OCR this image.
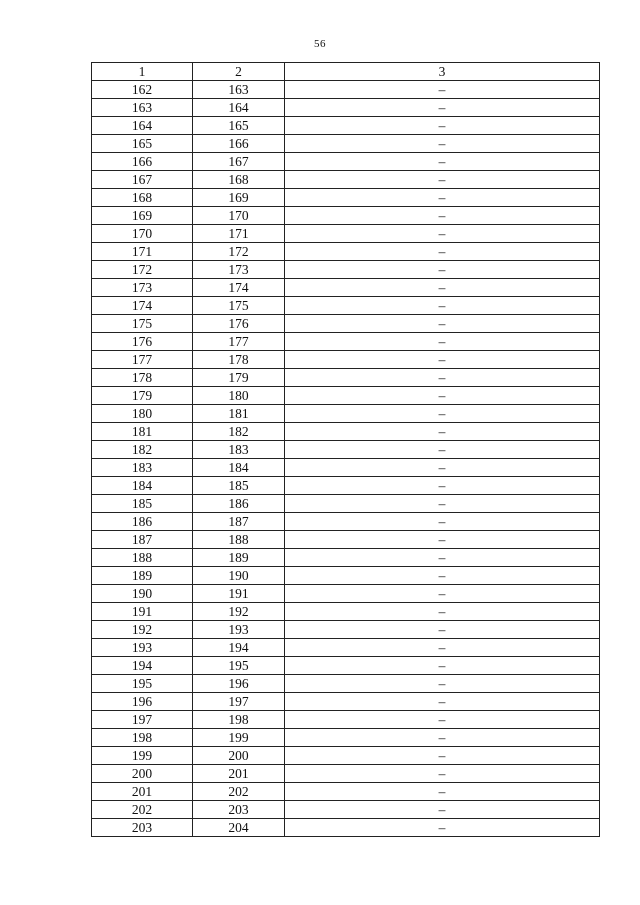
56
1	2	3
162	163	–
163	164	–
164	165	–
165	166	–
166	167	–
167	168	–
168	169	–
169	170	–
170	171	–
171	172	–
172	173	–
173	174	–
174	175	–
175	176	–
176	177	–
177	178	–
178	179	–
179	180	–
180	181	–
181	182	–
182	183	–
183	184	–
184	185	–
185	186	–
186	187	–
187	188	–
188	189	–
189	190	–
190	191	–
191	192	–
192	193	–
193	194	–
194	195	–
195	196	–
196	197	–
197	198	–
198	199	–
199	200	–
200	201	–
201	202	–
202	203	–
203	204	–
